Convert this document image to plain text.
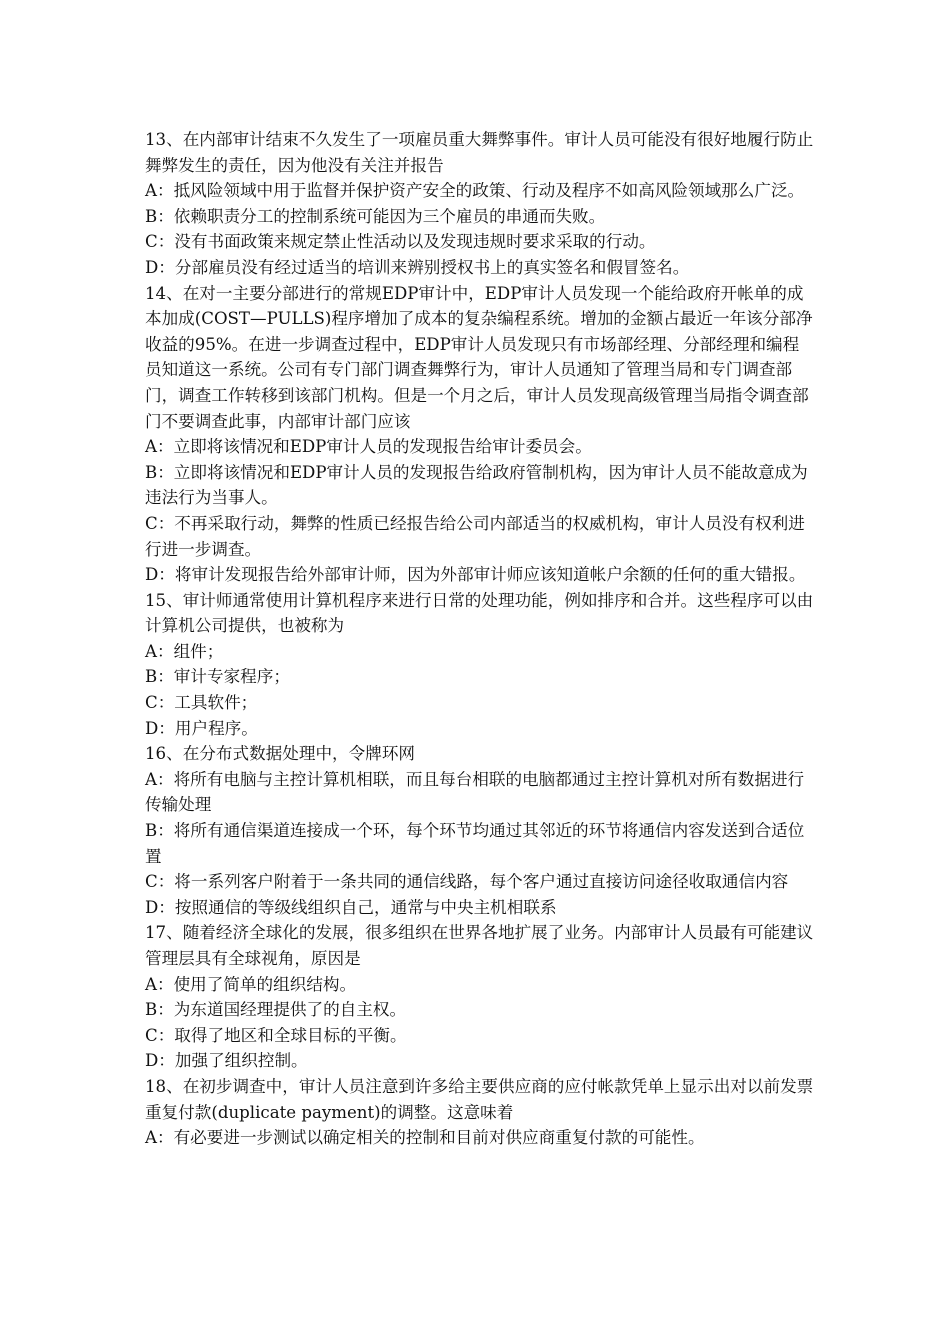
13、在内部审计结束不久发生了一项雇员重大舞弊事件。审计人员可能没有很好地履行防止舞弊发生的责任，因为他没有关注并报告

A：抵风险领域中用于监督并保护资产安全的政策、行动及程序不如高风险领域那么广泛。

B：依赖职责分工的控制系统可能因为三个雇员的串通而失败。

C：没有书面政策来规定禁止性活动以及发现违规时要求采取的行动。

D：分部雇员没有经过适当的培训来辨别授权书上的真实签名和假冒签名。

14、在对一主要分部进行的常规EDP审计中，EDP审计人员发现一个能给政府开帐单的成本加成(COST—PULLS)程序增加了成本的复杂编程系统。增加的金额占最近一年该分部净收益的95%。在进一步调查过程中，EDP审计人员发现只有市场部经理、分部经理和编程员知道这一系统。公司有专门部门调查舞弊行为，审计人员通知了管理当局和专门调查部门，调查工作转移到该部门机构。但是一个月之后，审计人员发现高级管理当局指令调查部门不要调查此事，内部审计部门应该

A：立即将该情况和EDP审计人员的发现报告给审计委员会。

B：立即将该情况和EDP审计人员的发现报告给政府管制机构，因为审计人员不能故意成为违法行为当事人。

C：不再采取行动，舞弊的性质已经报告给公司内部适当的权威机构，审计人员没有权利进行进一步调查。

D：将审计发现报告给外部审计师，因为外部审计师应该知道帐户余额的任何的重大错报。

15、审计师通常使用计算机程序来进行日常的处理功能，例如排序和合并。这些程序可以由计算机公司提供，也被称为

A：组件；

B：审计专家程序；

C：工具软件；

D：用户程序。

16、在分布式数据处理中，令牌环网

A：将所有电脑与主控计算机相联，而且每台相联的电脑都通过主控计算机对所有数据进行传输处理

B：将所有通信渠道连接成一个环，每个环节均通过其邻近的环节将通信内容发送到合适位置

C：将一系列客户附着于一条共同的通信线路，每个客户通过直接访问途径收取通信内容

D：按照通信的等级线组织自己，通常与中央主机相联系

17、随着经济全球化的发展，很多组织在世界各地扩展了业务。内部审计人员最有可能建议管理层具有全球视角，原因是

A：使用了简单的组织结构。

B：为东道国经理提供了的自主权。

C：取得了地区和全球目标的平衡。

D：加强了组织控制。

18、在初步调查中，审计人员注意到许多给主要供应商的应付帐款凭单上显示出对以前发票重复付款(duplicate payment)的调整。这意味着

A：有必要进一步测试以确定相关的控制和目前对供应商重复付款的可能性。
